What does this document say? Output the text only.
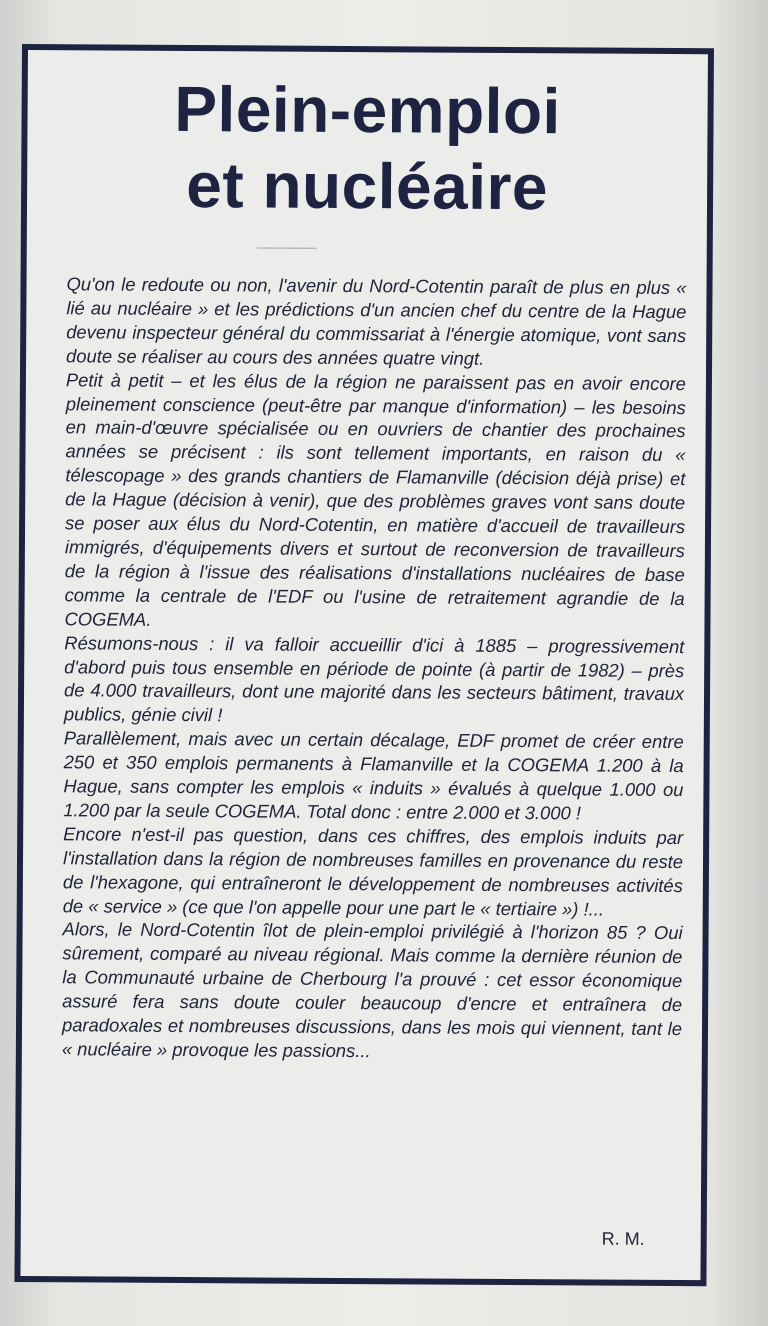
Plein-emploi
et nucléaire

Qu'on le redoute ou non, l'avenir du Nord-Cotentin paraît de plus en plus « lié au nucléaire » et les prédictions d'un ancien chef du centre de la Hague devenu inspecteur général du commissariat à l'énergie atomique, vont sans doute se réaliser au cours des années quatre vingt.

Petit à petit – et les élus de la région ne paraissent pas en avoir encore pleinement conscience (peut-être par manque d'information) – les besoins en main-d'œuvre spécialisée ou en ouvriers de chantier des prochaines années se précisent : ils sont tellement importants, en raison du « télescopage » des grands chantiers de Flamanville (décision déjà prise) et de la Hague (décision à venir), que des problèmes graves vont sans doute se poser aux élus du Nord-Cotentin, en matière d'accueil de travailleurs immigrés, d'équipements divers et surtout de reconversion de travailleurs de la région à l'issue des réalisations d'installations nucléaires de base comme la centrale de l'EDF ou l'usine de retraitement agrandie de la COGEMA.

Résumons-nous : il va falloir accueillir d'ici à 1885 – progressivement d'abord puis tous ensemble en période de pointe (à partir de 1982) – près de 4.000 travailleurs, dont une majorité dans les secteurs bâtiment, travaux publics, génie civil !

Parallèlement, mais avec un certain décalage, EDF promet de créer entre 250 et 350 emplois permanents à Flamanville et la COGEMA 1.200 à la Hague, sans compter les emplois « induits » évalués à quelque 1.000 ou 1.200 par la seule COGEMA. Total donc : entre 2.000 et 3.000 !

Encore n'est-il pas question, dans ces chiffres, des emplois induits par l'installation dans la région de nombreuses familles en provenance du reste de l'hexagone, qui entraîneront le développement de nombreuses activités de « service » (ce que l'on appelle pour une part le « tertiaire ») !...

Alors, le Nord-Cotentin îlot de plein-emploi privilégié à l'horizon 85 ? Oui sûrement, comparé au niveau régional. Mais comme la dernière réunion de la Communauté urbaine de Cherbourg l'a prouvé : cet essor économique assuré fera sans doute couler beaucoup d'encre et entraînera de paradoxales et nombreuses discussions, dans les mois qui viennent, tant le « nucléaire » provoque les passions...

R. M.
